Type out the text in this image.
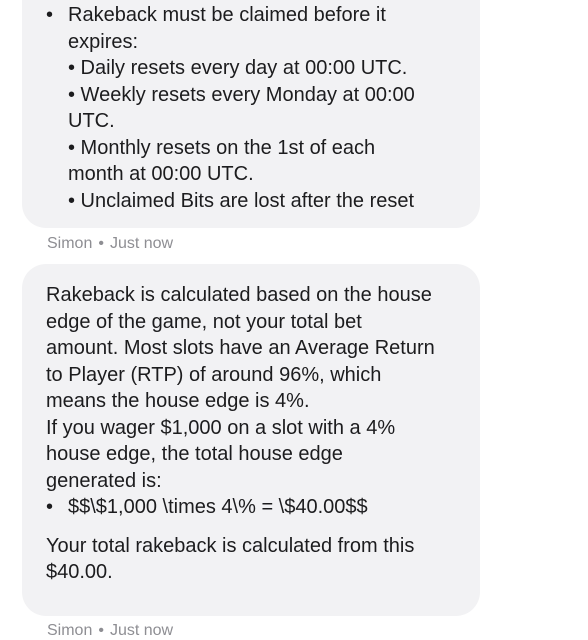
• Rakeback must be claimed before it
expires:
• Daily resets every day at 00:00 UTC.
• Weekly resets every Monday at 00:00
UTC.
• Monthly resets on the 1st of each
month at 00:00 UTC.
• Unclaimed Bits are lost after the reset
Simon • Just now
Rakeback is calculated based on the house
edge of the game, not your total bet
amount. Most slots have an Average Return
to Player (RTP) of around 96%, which
means the house edge is 4%.
If you wager $1,000 on a slot with a 4%
house edge, the total house edge
generated is:
• $$\$1,000 \times 4\% = \$40.00$$
Your total rakeback is calculated from this
$40.00.
Simon • Just now
